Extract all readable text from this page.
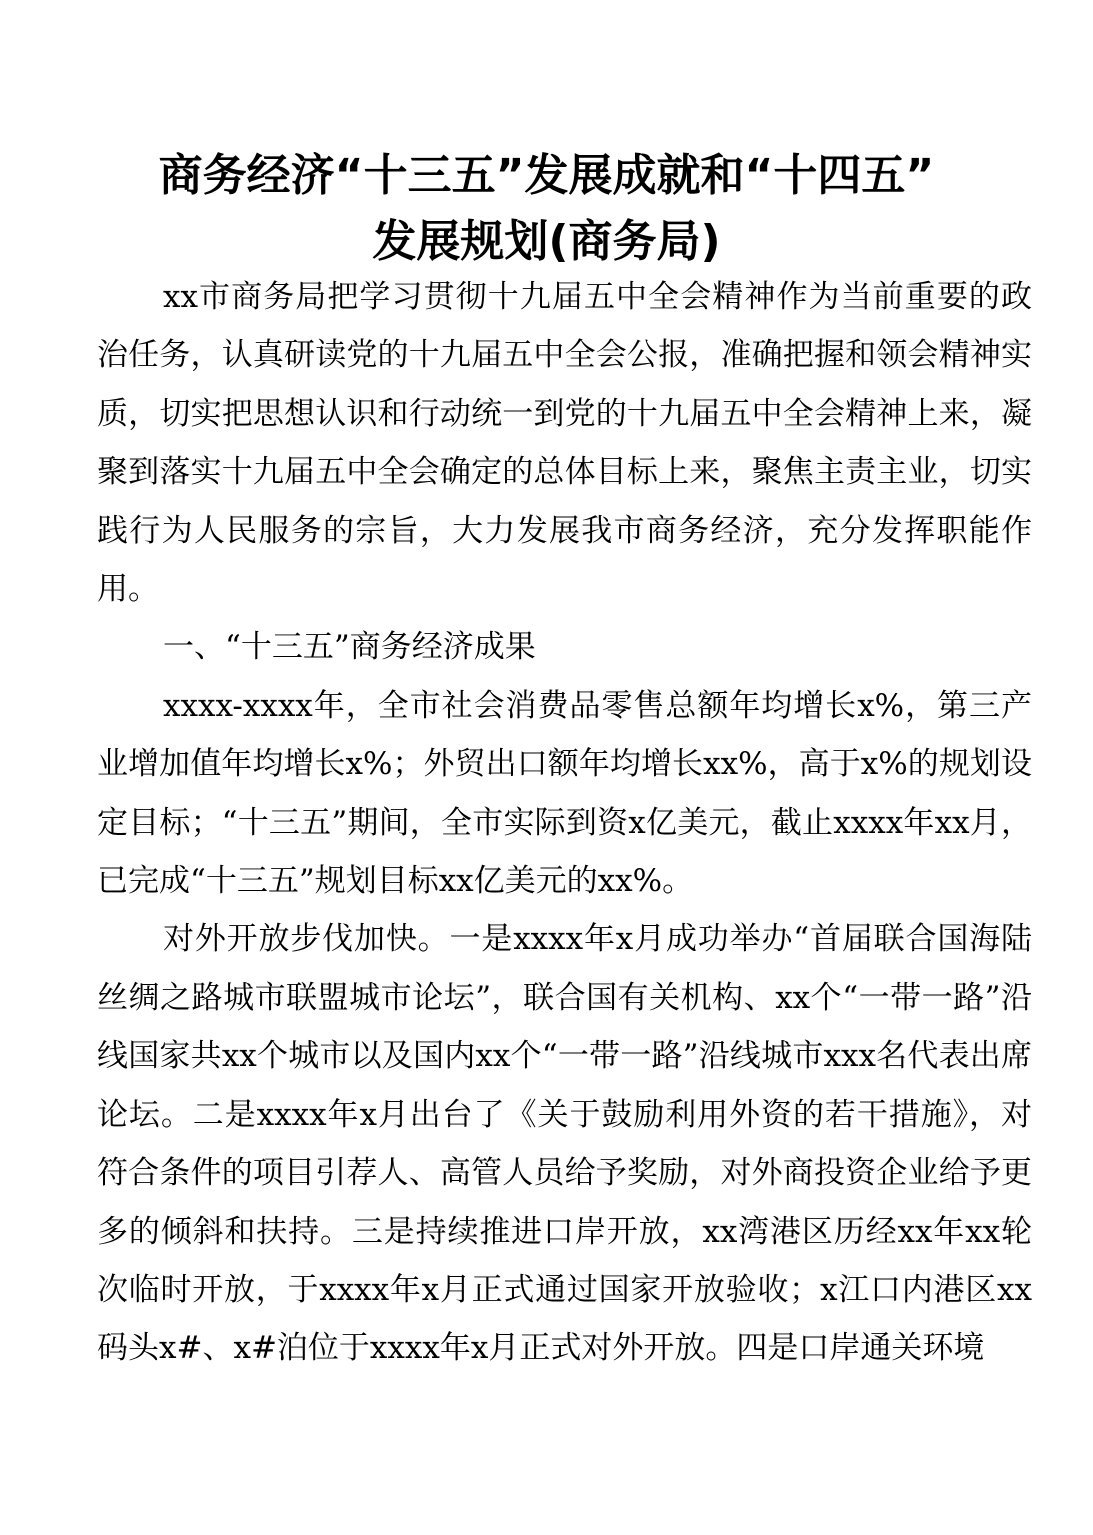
商务经济“十三五”发展成就和“十四五”
发展规划(商务局)

xx市商务局把学习贯彻十九届五中全会精神作为当前重要的政治任务，认真研读党的十九届五中全会公报，准确把握和领会精神实质，切实把思想认识和行动统一到党的十九届五中全会精神上来，凝聚到落实十九届五中全会确定的总体目标上来，聚焦主责主业，切实践行为人民服务的宗旨，大力发展我市商务经济，充分发挥职能作用。

一、“十三五”商务经济成果

xxxx-xxxx年，全市社会消费品零售总额年均增长x%，第三产业增加值年均增长x%；外贸出口额年均增长xx%，高于x%的规划设定目标；“十三五”期间，全市实际到资x亿美元，截止xxxx年xx月，已完成“十三五”规划目标xx亿美元的xx%。

对外开放步伐加快。一是xxxx年x月成功举办“首届联合国海陆丝绸之路城市联盟城市论坛”，联合国有关机构、xx个“一带一路”沿线国家共xx个城市以及国内xx个“一带一路”沿线城市xxx名代表出席论坛。二是xxxx年x月出台了《关于鼓励利用外资的若干措施》，对符合条件的项目引荐人、高管人员给予奖励，对外商投资企业给予更多的倾斜和扶持。三是持续推进口岸开放，xx湾港区历经xx年xx轮次临时开放，于xxxx年x月正式通过国家开放验收；x江口内港区xx码头x#、x#泊位于xxxx年x月正式对外开放。四是口岸通关环境
